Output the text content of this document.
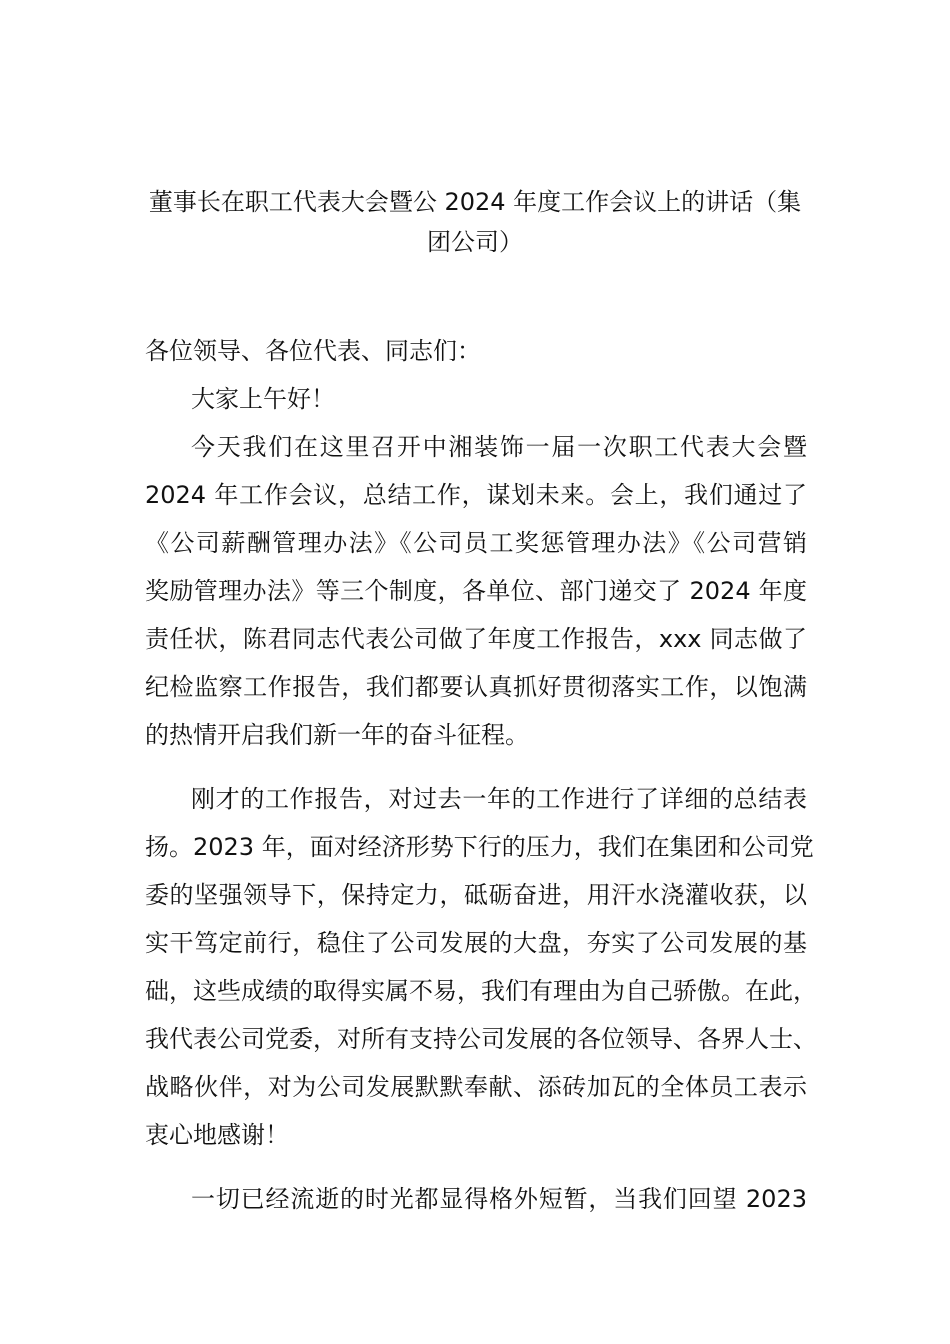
董事长在职工代表大会暨公 2024 年度工作会议上的讲话（集
团公司）
各位领导、各位代表、同志们：
大家上午好！
今天我们在这里召开中湘装饰一届一次职工代表大会暨
2024 年工作会议，总结工作，谋划未来。会上，我们通过了
《公司薪酬管理办法》《公司员工奖惩管理办法》《公司营销
奖励管理办法》等三个制度，各单位、部门递交了 2024 年度
责任状，陈君同志代表公司做了年度工作报告，xxx 同志做了
纪检监察工作报告，我们都要认真抓好贯彻落实工作，以饱满
的热情开启我们新一年的奋斗征程。
刚才的工作报告，对过去一年的工作进行了详细的总结表
扬。2023 年，面对经济形势下行的压力，我们在集团和公司党
委的坚强领导下，保持定力，砥砺奋进，用汗水浇灌收获，以
实干笃定前行，稳住了公司发展的大盘，夯实了公司发展的基
础，这些成绩的取得实属不易，我们有理由为自己骄傲。在此，
我代表公司党委，对所有支持公司发展的各位领导、各界人士、
战略伙伴，对为公司发展默默奉献、添砖加瓦的全体员工表示
衷心地感谢！
一切已经流逝的时光都显得格外短暂，当我们回望 2023
